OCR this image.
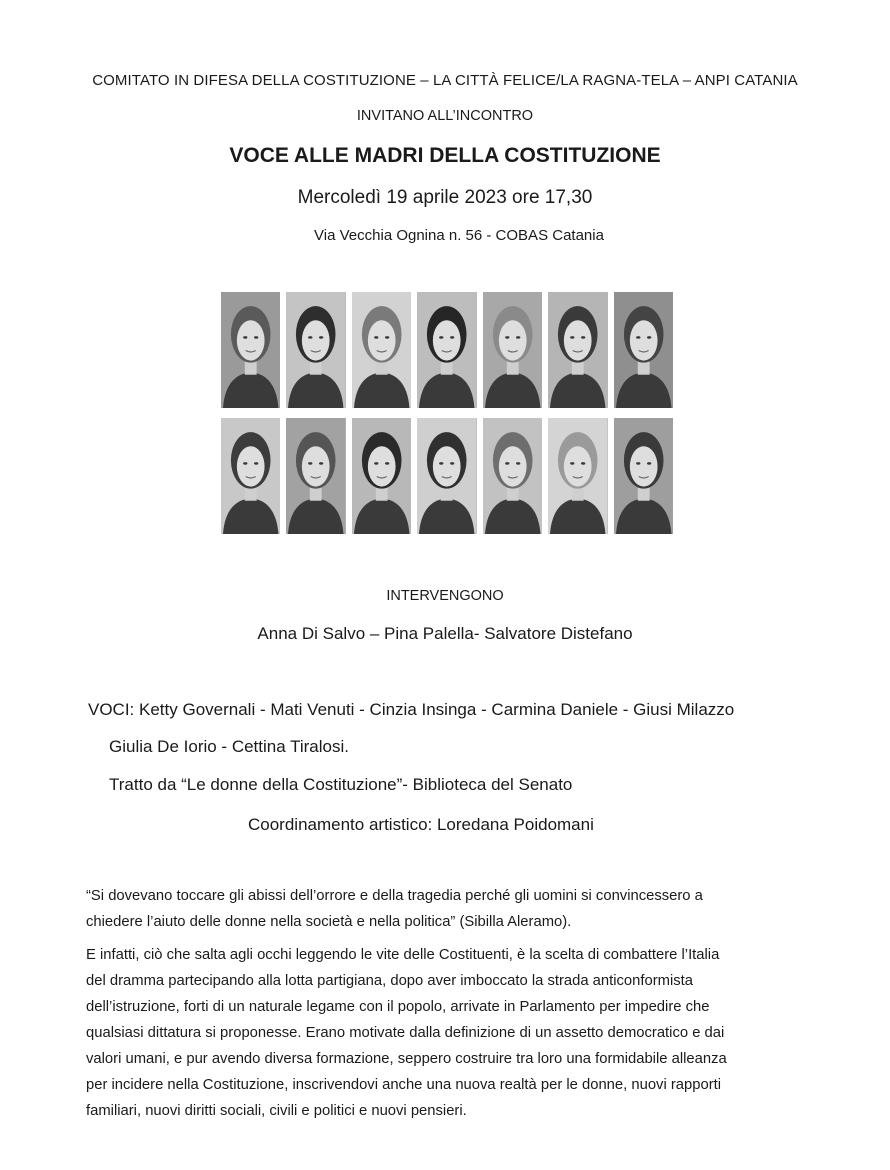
COMITATO IN DIFESA DELLA COSTITUZIONE – LA CITTÀ FELICE/LA RAGNA-TELA – ANPI CATANIA
INVITANO ALL’INCONTRO
VOCE ALLE MADRI DELLA COSTITUZIONE
Mercoledì 19 aprile 2023 ore 17,30
Via Vecchia Ognina n. 56 - COBAS Catania
INTERVENGONO
Anna Di Salvo – Pina Palella- Salvatore Distefano
VOCI: Ketty Governali - Mati Venuti - Cinzia Insinga - Carmina Daniele - Giusi Milazzo
Giulia De Iorio - Cettina Tiralosi.
Tratto da “Le donne della Costituzione”- Biblioteca del Senato
Coordinamento artistico: Loredana Poidomani
“Si dovevano toccare gli abissi dell’orrore e della tragedia perché gli uomini si convincessero a
chiedere l’aiuto delle donne nella società e nella politica” (Sibilla Aleramo).
E infatti, ciò che salta agli occhi leggendo le vite delle Costituenti, è la scelta di combattere l’Italia
del dramma partecipando alla lotta partigiana, dopo aver imboccato la strada anticonformista
dell’istruzione, forti di un naturale legame con il popolo, arrivate in Parlamento per impedire che
qualsiasi dittatura si proponesse. Erano motivate dalla definizione di un assetto democratico e dai
valori umani, e pur avendo diversa formazione, seppero costruire tra loro una formidabile alleanza
per incidere nella Costituzione, inscrivendovi anche una nuova realtà per le donne, nuovi rapporti
familiari, nuovi diritti sociali, civili e politici e nuovi pensieri.
